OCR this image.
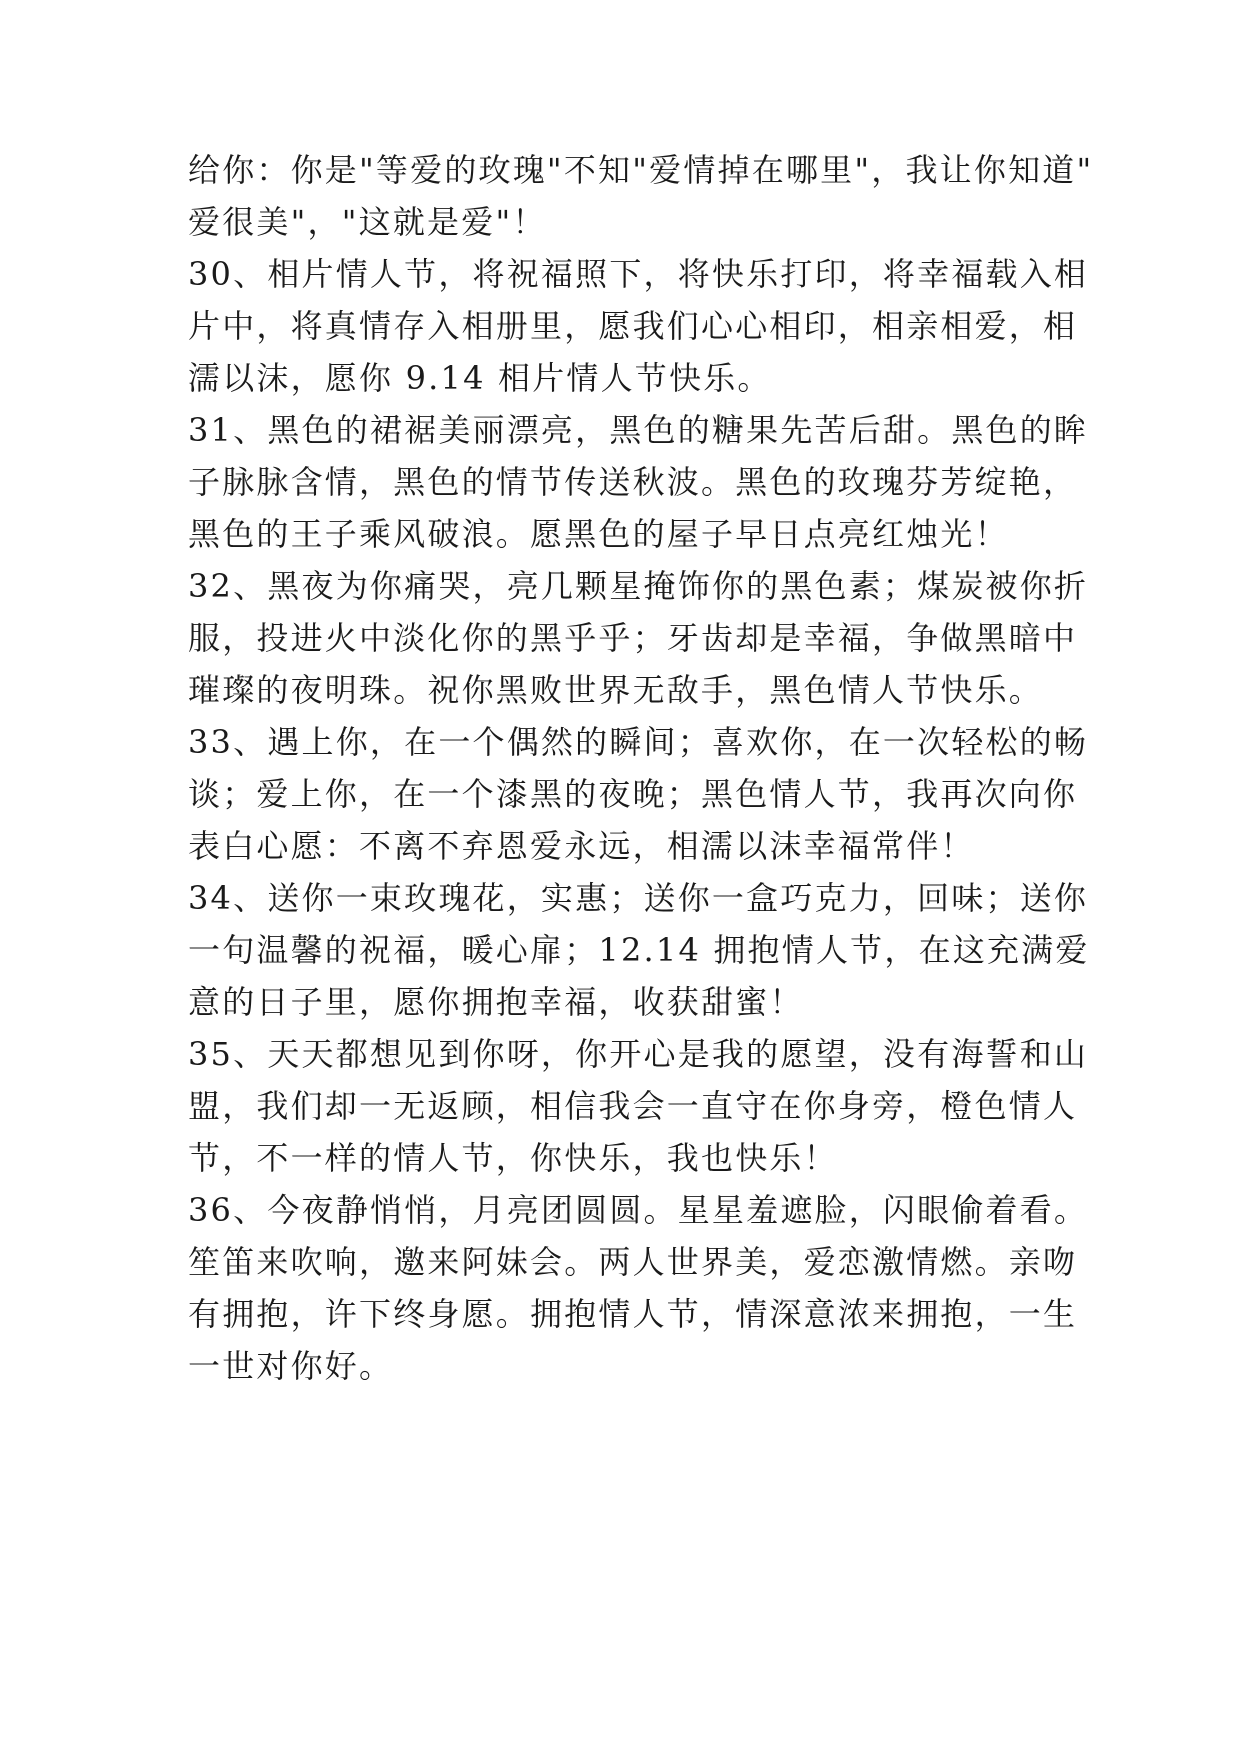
给你：你是"等爱的玫瑰"不知"爱情掉在哪里"，我让你知道"
爱很美"，"这就是爱"！
30、相片情人节，将祝福照下，将快乐打印，将幸福载入相
片中，将真情存入相册里，愿我们心心相印，相亲相爱，相
濡以沫，愿你 9.14 相片情人节快乐。
31、黑色的裙裾美丽漂亮，黑色的糖果先苦后甜。黑色的眸
子脉脉含情，黑色的情节传送秋波。黑色的玫瑰芬芳绽艳，
黑色的王子乘风破浪。愿黑色的屋子早日点亮红烛光！
32、黑夜为你痛哭，亮几颗星掩饰你的黑色素；煤炭被你折
服，投进火中淡化你的黑乎乎；牙齿却是幸福，争做黑暗中
璀璨的夜明珠。祝你黑败世界无敌手，黑色情人节快乐。
33、遇上你，在一个偶然的瞬间；喜欢你，在一次轻松的畅
谈；爱上你，在一个漆黑的夜晚；黑色情人节，我再次向你
表白心愿：不离不弃恩爱永远，相濡以沫幸福常伴！
34、送你一束玫瑰花，实惠；送你一盒巧克力，回味；送你
一句温馨的祝福，暖心扉；12.14 拥抱情人节，在这充满爱
意的日子里，愿你拥抱幸福，收获甜蜜！
35、天天都想见到你呀，你开心是我的愿望，没有海誓和山
盟，我们却一无返顾，相信我会一直守在你身旁，橙色情人
节，不一样的情人节，你快乐，我也快乐！
36、今夜静悄悄，月亮团圆圆。星星羞遮脸，闪眼偷着看。
笙笛来吹响，邀来阿妹会。两人世界美，爱恋激情燃。亲吻
有拥抱，许下终身愿。拥抱情人节，情深意浓来拥抱，一生
一世对你好。
